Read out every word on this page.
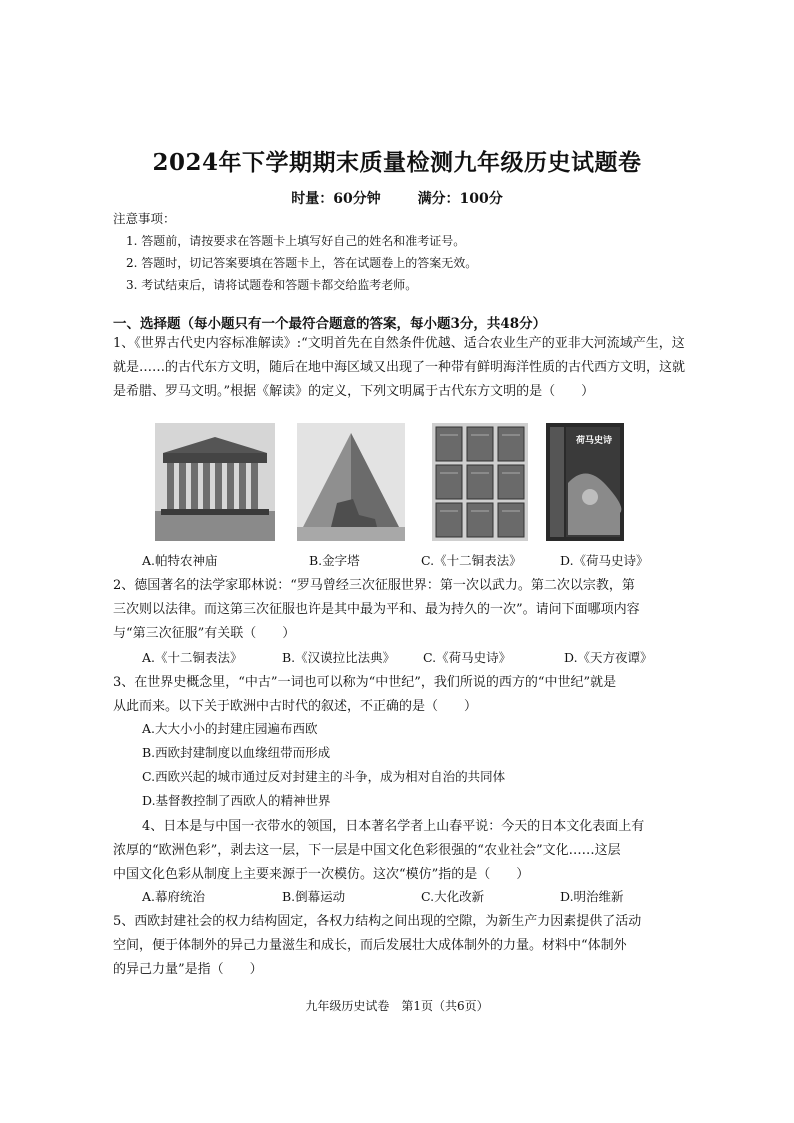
2024年下学期期末质量检测九年级历史试题卷
时量：60分钟	满分：100分
注意事项：
1. 答题前，请按要求在答题卡上填写好自己的姓名和准考证号。
2. 答题时，切记答案要填在答题卡上，答在试题卷上的答案无效。
3. 考试结束后，请将试题卷和答题卡都交给监考老师。
一、选择题（每小题只有一个最符合题意的答案，每小题3分，共48分）
1、《世界古代史内容标准解读》:“文明首先在自然条件优越、适合农业生产的亚非大河流域产生，这就是……的古代东方文明，随后在地中海区域又出现了一种带有鲜明海洋性质的古代西方文明，这就是希腊、罗马文明。”根据《解读》的定义，下列文明属于古代东方文明的是（　　）
荷马史诗
A.帕特农神庙	B.金字塔	C.《十二铜表法》	D.《荷马史诗》
2、德国著名的法学家耶林说：“罗马曾经三次征服世界：第一次以武力。第二次以宗教，第
三次则以法律。而这第三次征服也许是其中最为平和、最为持久的一次”。请问下面哪项内容
与“第三次征服”有关联（　　）
A.《十二铜表法》	B.《汉谟拉比法典》 C.《荷马史诗》	D.《天方夜谭》
3、在世界史概念里，“中古”一词也可以称为“中世纪”，我们所说的西方的“中世纪”就是
从此而来。以下关于欧洲中古时代的叙述，不正确的是（　　）
A.大大小小的封建庄园遍布西欧
B.西欧封建制度以血缘纽带而形成
C.西欧兴起的城市通过反对封建主的斗争，成为相对自治的共同体
D.基督教控制了西欧人的精神世界
4、日本是与中国一衣带水的领国，日本著名学者上山春平说：今天的日本文化表面上有
浓厚的“欧洲色彩”，剥去这一层，下一层是中国文化色彩很强的“农业社会”文化……这层
中国文化色彩从制度上主要来源于一次模仿。这次“模仿”指的是（　　）
A.幕府统治	B.倒幕运动	C.大化改新	D.明治维新
5、西欧封建社会的权力结构固定，各权力结构之间出现的空隙，为新生产力因素提供了活动
空间，便于体制外的异己力量滋生和成长，而后发展壮大成体制外的力量。材料中“体制外
的异己力量”是指（　　）
九年级历史试卷　第1页（共6页）
